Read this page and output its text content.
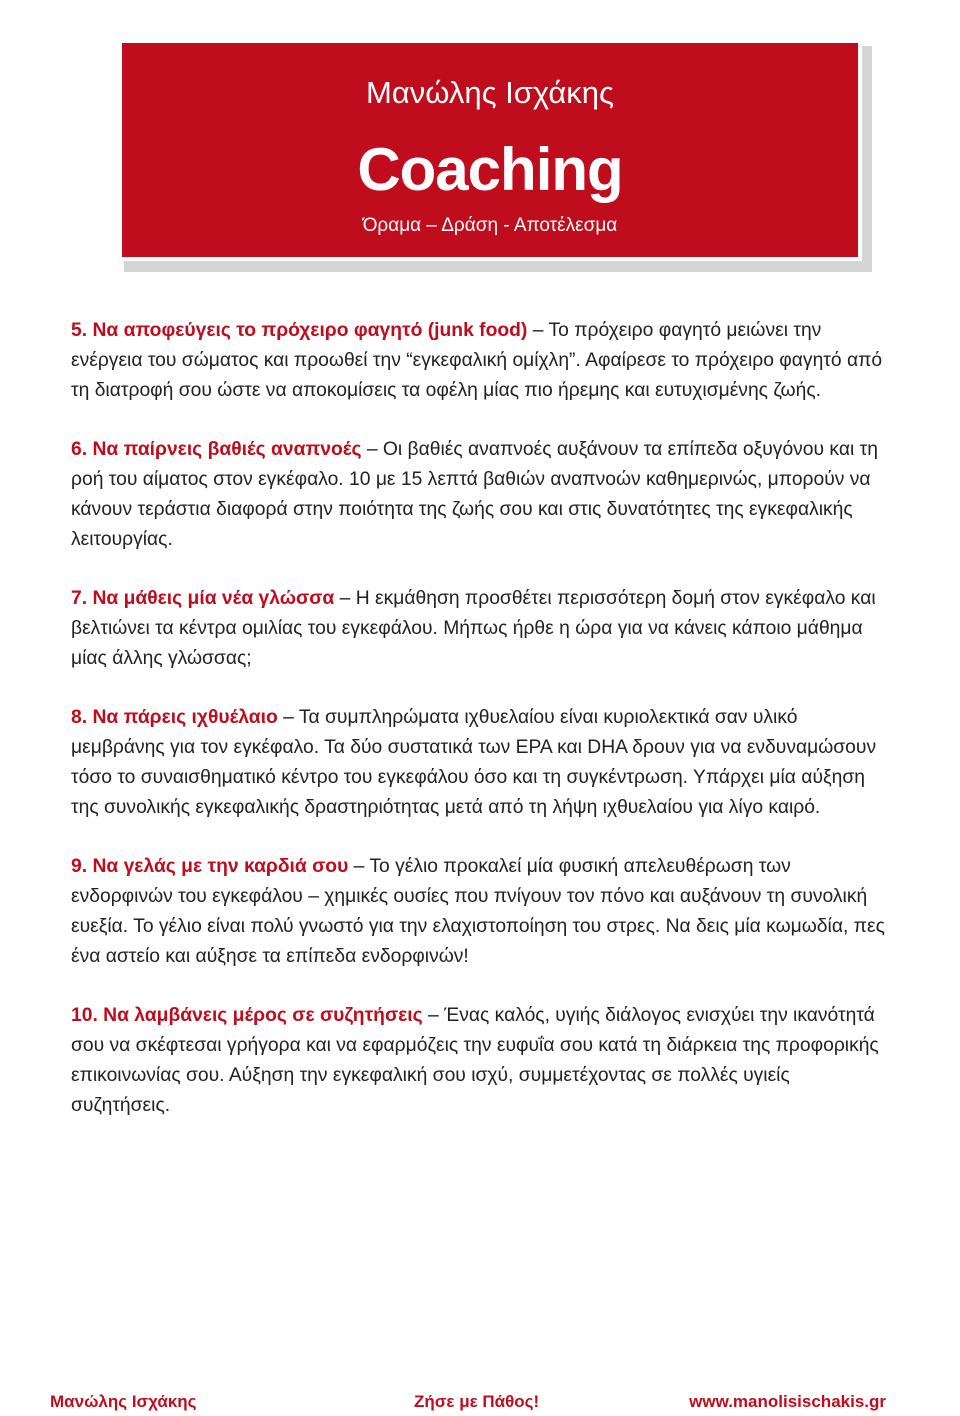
Μανώλης Ισχάκης
Coaching
Όραμα – Δράση - Αποτέλεσμα

5. Να αποφεύγεις το πρόχειρο φαγητό (junk food) – Το πρόχειρο φαγητό μειώνει την ενέργεια του σώματος και προωθεί την “εγκεφαλική ομίχλη”. Αφαίρεσε το πρόχειρο φαγητό από τη διατροφή σου ώστε να αποκομίσεις τα οφέλη μίας πιο ήρεμης και ευτυχισμένης ζωής.

6. Να παίρνεις βαθιές αναπνοές – Οι βαθιές αναπνοές αυξάνουν τα επίπεδα οξυγόνου και τη ροή του αίματος στον εγκέφαλο. 10 με 15 λεπτά βαθιών αναπνοών καθημερινώς, μπορούν να κάνουν τεράστια διαφορά στην ποιότητα της ζωής σου και στις δυνατότητες της εγκεφαλικής λειτουργίας.

7. Να μάθεις μία νέα γλώσσα – Η εκμάθηση προσθέτει περισσότερη δομή στον εγκέφαλο και βελτιώνει τα κέντρα ομιλίας του εγκεφάλου. Μήπως ήρθε η ώρα για να κάνεις κάποιο μάθημα μίας άλλης γλώσσας;

8. Να πάρεις ιχθυέλαιο – Τα συμπληρώματα ιχθυελαίου είναι κυριολεκτικά σαν υλικό μεμβράνης για τον εγκέφαλο. Τα δύο συστατικά των EPA και DHA δρουν για να ενδυναμώσουν τόσο το συναισθηματικό κέντρο του εγκεφάλου όσο και τη συγκέντρωση. Υπάρχει μία αύξηση της συνολικής εγκεφαλικής δραστηριότητας μετά από τη λήψη ιχθυελαίου για λίγο καιρό.

9. Να γελάς με την καρδιά σου – Το γέλιο προκαλεί μία φυσική απελευθέρωση των ενδορφινών του εγκεφάλου – χημικές ουσίες που πνίγουν τον πόνο και αυξάνουν τη συνολική ευεξία. Το γέλιο είναι πολύ γνωστό για την ελαχιστοποίηση του στρες. Να δεις μία κωμωδία, πες ένα αστείο και αύξησε τα επίπεδα ενδορφινών!

10. Να λαμβάνεις μέρος σε συζητήσεις – Ένας καλός, υγιής διάλογος ενισχύει την ικανότητά σου να σκέφτεσαι γρήγορα και να εφαρμόζεις την ευφυΐα σου κατά τη διάρκεια της προφορικής επικοινωνίας σου. Αύξηση την εγκεφαλική σου ισχύ, συμμετέχοντας σε πολλές υγιείς συζητήσεις.

Μανώλης Ισχάκης	Ζήσε με Πάθος!	www.manolisischakis.gr
